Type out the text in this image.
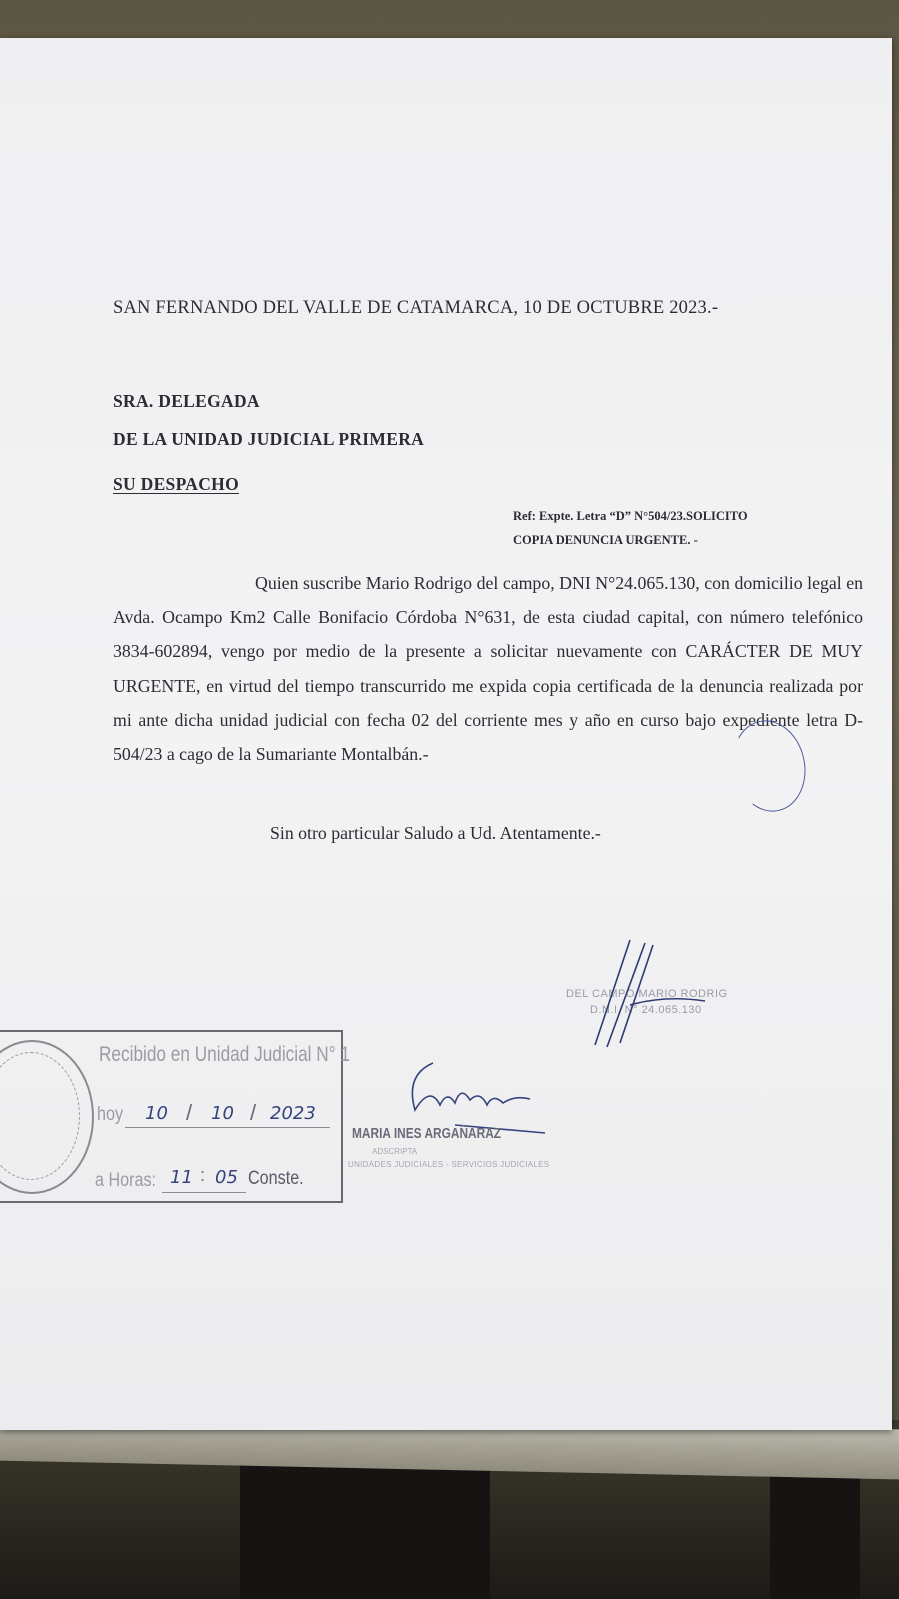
SAN FERNANDO DEL VALLE DE CATAMARCA, 10 DE OCTUBRE 2023.-
SRA. DELEGADA
DE LA UNIDAD JUDICIAL PRIMERA
SU DESPACHO
Ref: Expte. Letra “D” N°504/23.SOLICITO
COPIA DENUNCIA URGENTE. -
Quien suscribe Mario Rodrigo del campo, DNI N°24.065.130, con domicilio legal en Avda. Ocampo Km2 Calle Bonifacio Córdoba N°631, de esta ciudad capital, con número telefónico 3834-602894, vengo por medio de la presente a solicitar nuevamente con CARÁCTER DE MUY URGENTE, en virtud del tiempo transcurrido me expida copia certificada de la denuncia realizada por mi ante dicha unidad judicial con fecha 02 del corriente mes y año en curso bajo expediente letra D-504/23 a cago de la Sumariante Montalbán.-
Sin otro particular Saludo a Ud. Atentamente.-
DEL CAMPO MARIO RODRIG
D.N.I. N° 24.065.130
Recibido en Unidad Judicial N° 1
hoy 10 / 10 / 2023
a Horas: 11 : 05 Conste.
MARIA INES ARGAÑARAZ
ADSCRIPTA
UNIDADES JUDICIALES - SERVICIOS JUDICIALES
